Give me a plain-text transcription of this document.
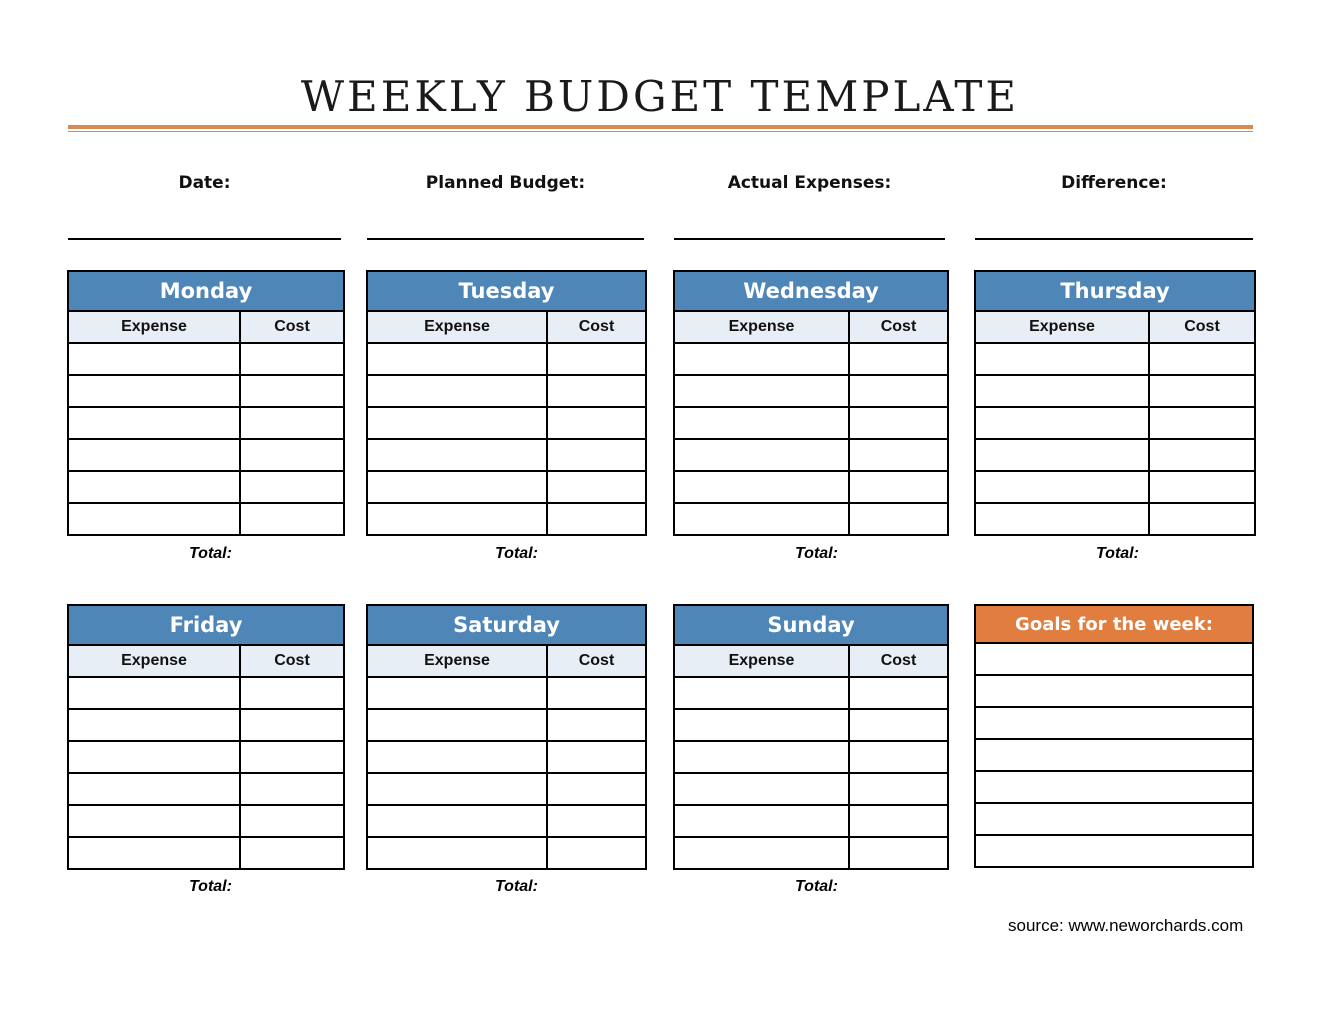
WEEKLY BUDGET TEMPLATE
Date:	Planned Budget:	Actual Expenses:	Difference:
Monday	
Expense	Cost

Total:
Tuesday	
Expense	Cost

Total:
Wednesday	
Expense	Cost

Total:
Thursday	
Expense	Cost

Total:
Friday	
Expense	Cost

Total:
Saturday	
Expense	Cost

Total:
Sunday	
Expense	Cost

Total:
Goals for the week:

source: www.neworchards.com
